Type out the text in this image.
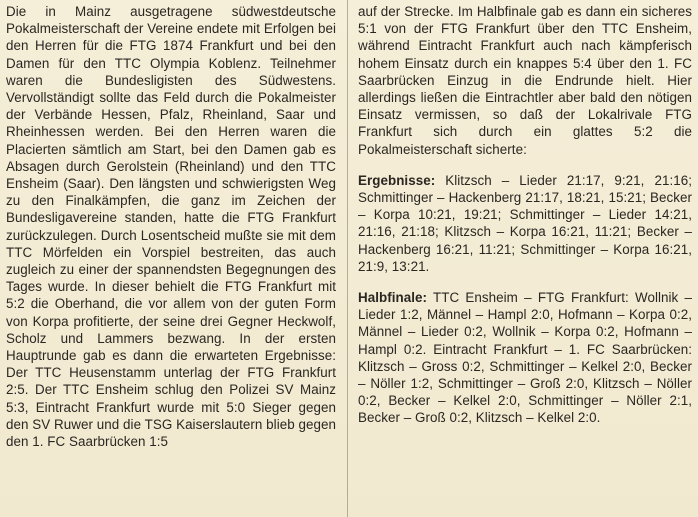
Die in Mainz ausgetragene südwestdeutsche Pokalmeisterschaft der Vereine endete mit Erfolgen bei den Herren für die FTG 1874 Frankfurt und bei den Damen für den TTC Olympia Koblenz. Teilnehmer waren die Bundesligisten des Südwestens. Vervollständigt sollte das Feld durch die Pokalmeister der Verbände Hessen, Pfalz, Rheinland, Saar und Rheinhessen werden. Bei den Herren waren die Placierten sämtlich am Start, bei den Damen gab es Absagen durch Gerolstein (Rheinland) und den TTC Ensheim (Saar). Den längsten und schwierigsten Weg zu den Finalkämpfen, die ganz im Zeichen der Bundesligavereine standen, hatte die FTG Frankfurt zurückzulegen. Durch Losentscheid mußte sie mit dem TTC Mörfelden ein Vorspiel bestreiten, das auch zugleich zu einer der spannendsten Begegnungen des Tages wurde. In dieser behielt die FTG Frankfurt mit 5:2 die Oberhand, die vor allem von der guten Form von Korpa profitierte, der seine drei Gegner Heckwolf, Scholz und Lammers bezwang. In der ersten Hauptrunde gab es dann die erwarteten Ergebnisse: Der TTC Heusenstamm unterlag der FTG Frankfurt 2:5. Der TTC Ensheim schlug den Polizei SV Mainz 5:3, Eintracht Frankfurt wurde mit 5:0 Sieger gegen den SV Ruwer und die TSG Kaiserslautern blieb gegen den 1. FC Saarbrücken 1:5

auf der Strecke. Im Halbfinale gab es dann ein sicheres 5:1 von der FTG Frankfurt über den TTC Ensheim, während Eintracht Frankfurt auch nach kämpferisch hohem Einsatz durch ein knappes 5:4 über den 1. FC Saarbrücken Einzug in die Endrunde hielt. Hier allerdings ließen die Eintrachtler aber bald den nötigen Einsatz vermissen, so daß der Lokalrivale FTG Frankfurt sich durch ein glattes 5:2 die Pokalmeisterschaft sicherte:

Ergebnisse: Klitzsch – Lieder 21:17, 9:21, 21:16; Schmittinger – Hackenberg 21:17, 18:21, 15:21; Becker – Korpa 10:21, 19:21; Schmittinger – Lieder 14:21, 21:16, 21:18; Klitzsch – Korpa 16:21, 11:21; Becker – Hackenberg 16:21, 11:21; Schmittinger – Korpa 16:21, 21:9, 13:21.

Halbfinale: TTC Ensheim – FTG Frankfurt: Wollnik – Lieder 1:2, Männel – Hampl 2:0, Hofmann – Korpa 0:2, Männel – Lieder 0:2, Wollnik – Korpa 0:2, Hofmann – Hampl 0:2. Eintracht Frankfurt – 1. FC Saarbrücken: Klitzsch – Gross 0:2, Schmittinger – Kelkel 2:0, Becker – Nöller 1:2, Schmittinger – Groß 2:0, Klitzsch – Nöller 0:2, Becker – Kelkel 2:0, Schmittinger – Nöller 2:1, Becker – Groß 0:2, Klitzsch – Kelkel 2:0.
